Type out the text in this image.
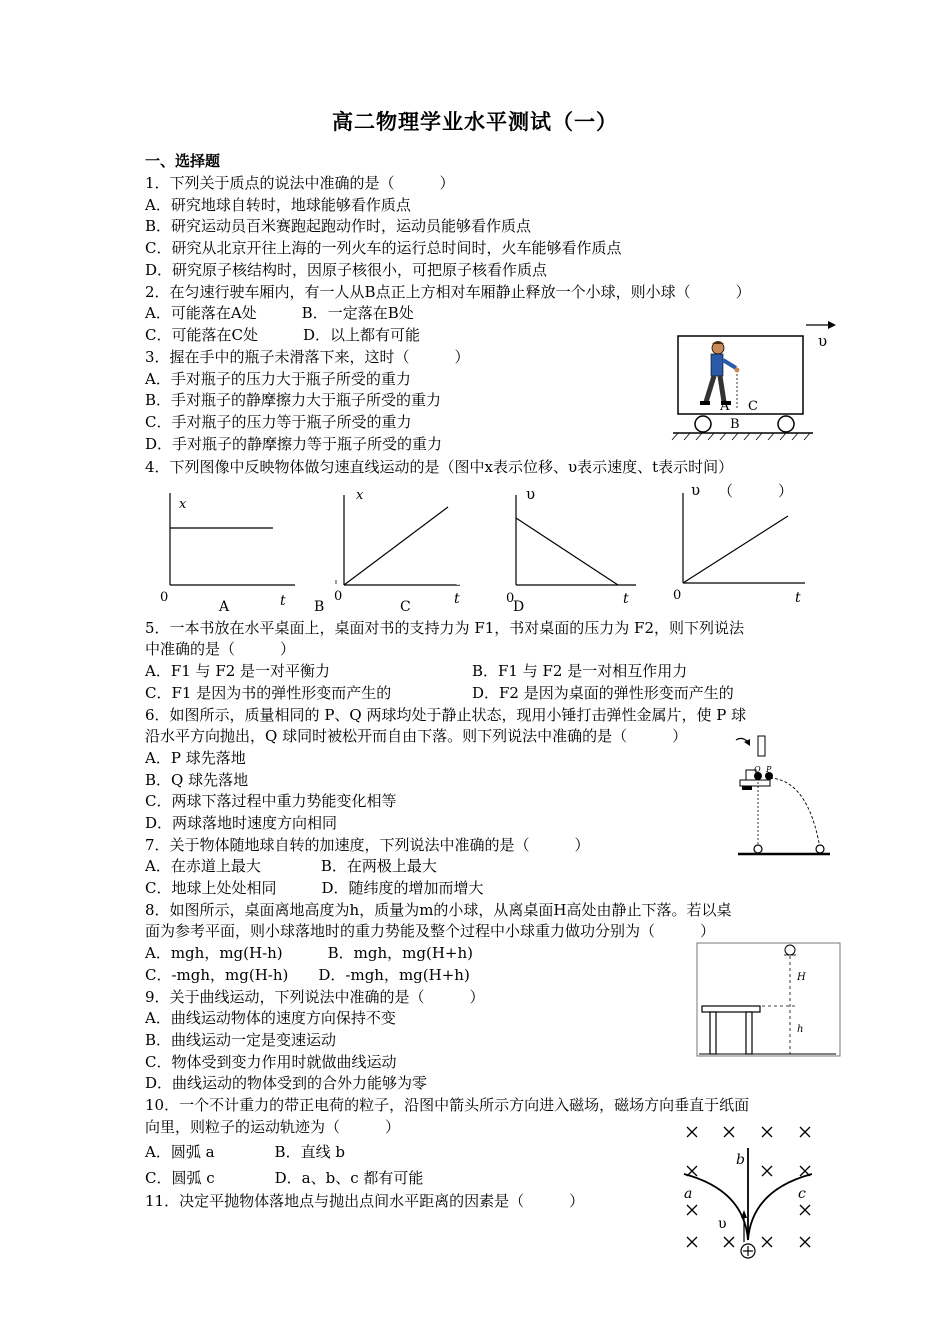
高二物理学业水平测试（一）
一、选择题
1．下列关于质点的说法中准确的是（　　　）
A．研究地球自转时，地球能够看作质点
B．研究运动员百米赛跑起跑动作时，运动员能够看作质点
C．研究从北京开往上海的一列火车的运行总时间时，火车能够看作质点
D．研究原子核结构时，因原子核很小，可把原子核看作质点
2．在匀速行驶车厢内，有一人从B点正上方相对车厢静止释放一个小球，则小球（　　　）
A．可能落在A处　　　B．一定落在B处
C．可能落在C处　　　D．以上都有可能
3．握在手中的瓶子未滑落下来，这时（　　　）
A．手对瓶子的压力大于瓶子所受的重力
B．手对瓶子的静摩擦力大于瓶子所受的重力
C．手对瓶子的压力等于瓶子所受的重力
D．手对瓶子的静摩擦力等于瓶子所受的重力
4．下列图像中反映物体做匀速直线运动的是（图中x表示位移、υ表示速度、t表示时间）
（　　　）
A C
B
υ
x
0	t
A
x
0	t
B
υ
0
t
C
υ
0	t
D
0
5．一本书放在水平桌面上，桌面对书的支持力为 F1，书对桌面的压力为 F2，则下列说法
中准确的是（　　　）
A．F1 与 F2 是一对平衡力	B．F1 与 F2 是一对相互作用力
C．F1 是因为书的弹性形变而产生的	D．F2 是因为桌面的弹性形变而产生的
6．如图所示，质量相同的 P、Q 两球均处于静止状态，现用小锤打击弹性金属片，使 P 球
沿水平方向抛出，Q 球同时被松开而自由下落。则下列说法中准确的是（　　　）
A．P 球先落地
B．Q 球先落地
C．两球下落过程中重力势能变化相等
D．两球落地时速度方向相同
Q P
7．关于物体随地球自转的加速度，下列说法中准确的是（　　　）
A．在赤道上最大　　　　B．在两极上最大
C．地球上处处相同　　　D．随纬度的增加而增大
8．如图所示，桌面离地高度为h，质量为m的小球，从离桌面H高处由静止下落。若以桌
面为参考平面，则小球落地时的重力势能及整个过程中小球重力做功分别为（　　　）
A．mgh，mg(H-h)　　　B．mgh，mg(H+h)
C．-mgh，mg(H-h)　　D．-mgh，mg(H+h)	H
h
9．关于曲线运动，下列说法中准确的是（　　　）
A．曲线运动物体的速度方向保持不变
B．曲线运动一定是变速运动
C．物体受到变力作用时就做曲线运动
D．曲线运动的物体受到的合外力能够为零
10．一个不计重力的带正电荷的粒子，沿图中箭头所示方向进入磁场，磁场方向垂直于纸面
向里，则粒子的运动轨迹为（　　　）
A．圆弧 a　　　　B．直线 b
C．圆弧 c　　　　D．a、b、c 都有可能
11．决定平抛物体落地点与抛出点间水平距离的因素是（　　　）
b
a	c
υ
